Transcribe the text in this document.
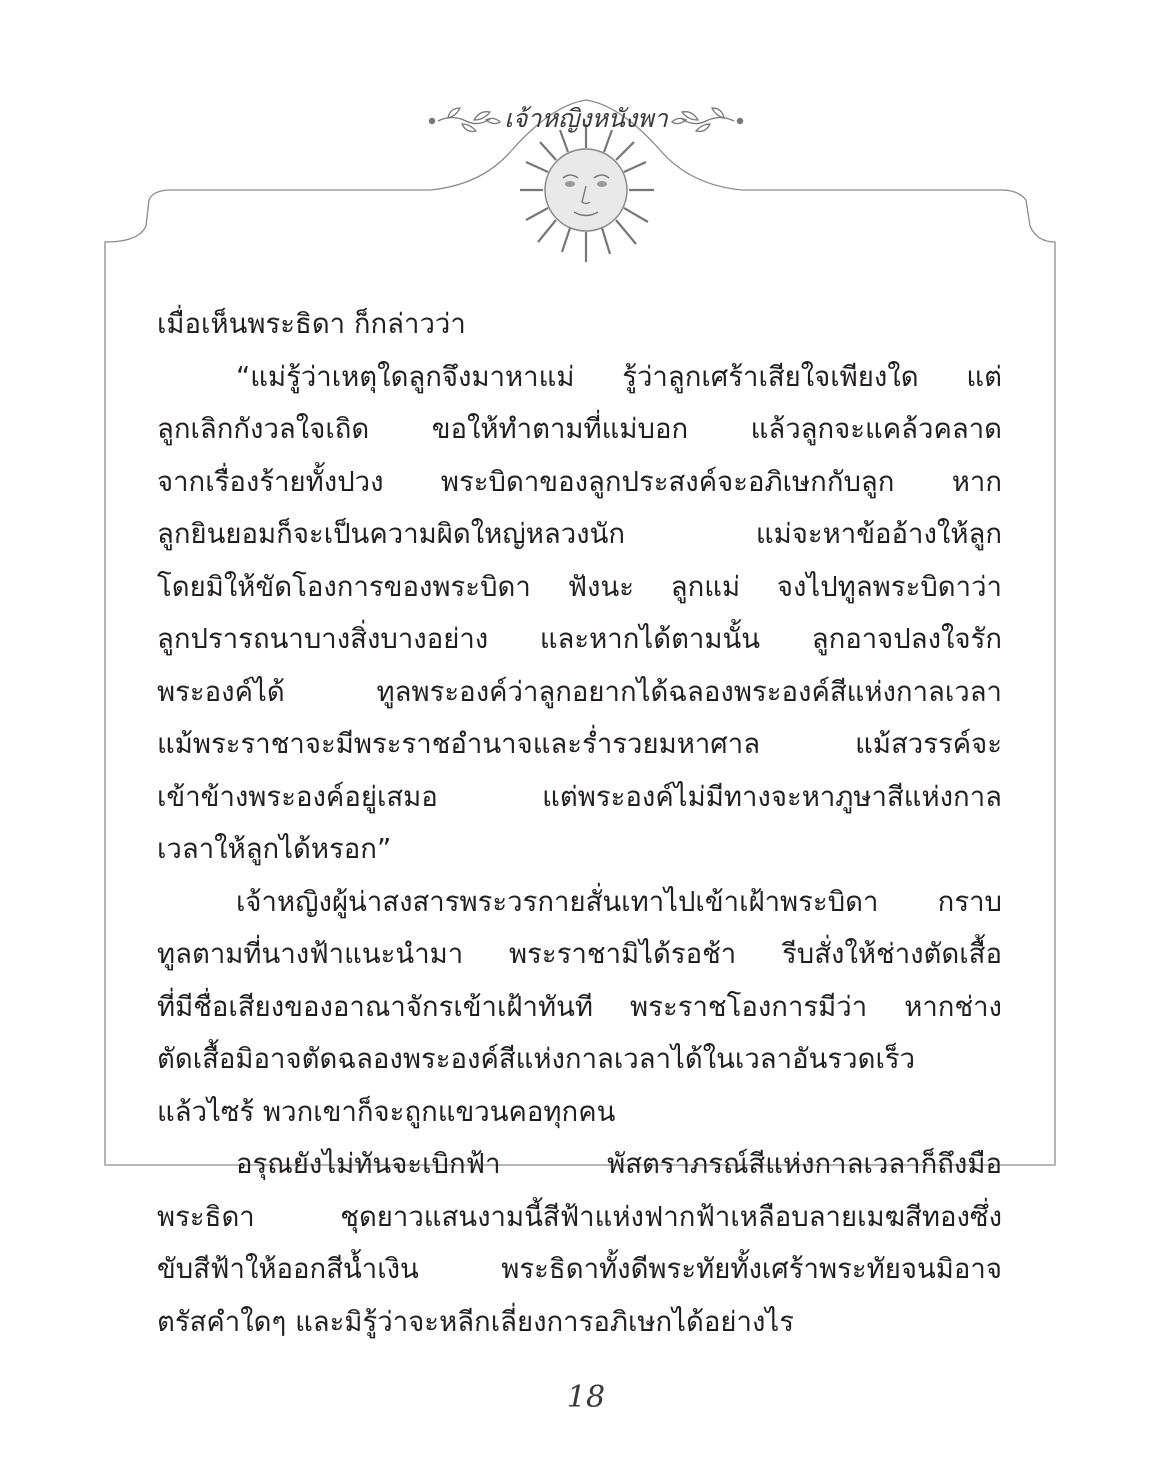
เจ้าหญิงหนังพา
เมื่อเห็นพระธิดา
ก็กล่าวว่า

“แม่รู้ว่าเหตุใดลูกจึงมาหาแม่ รู้ว่าลูกเศร้าเสียใจเพียงใด แต่
ลูกเลิกกังวลใจเถิด ขอให้ทำตามที่แม่บอก แล้วลูกจะแคล้วคลาด
จากเรื่องร้ายทั้งปวง พระบิดาของลูกประสงค์จะอภิเษกกับลูก หาก
ลูกยินยอมก็จะเป็นความผิดใหญ่หลวงนัก	แม่จะหาข้ออ้างให้ลูก
โดยมิให้ขัดโองการของพระบิดา ฟังนะ ลูกแม่ จงไปทูลพระบิดาว่า
ลูกปรารถนาบางสิ่งบางอย่าง และหากได้ตามนั้น ลูกอาจปลงใจรัก
พระองค์ได้	ทูลพระองค์ว่าลูกอยากได้ฉลองพระองค์สีแห่งกาลเวลา
แม้พระราชาจะมีพระราชอำนาจและร่ำรวยมหาศาล	แม้สวรรค์จะ
เข้าข้างพระองค์อยู่เสมอ	แต่พระองค์ไม่มีทางจะหาภูษาสีแห่งกาล
เวลาให้ลูกได้หรอก”

เจ้าหญิงผู้น่าสงสารพระวรกายสั่นเทาไปเข้าเฝ้าพระบิดา กราบ
ทูลตามที่นางฟ้าแนะนำมา พระราชามิได้รอช้า รีบสั่งให้ช่างตัดเสื้อ
ที่มีชื่อเสียงของอาณาจักรเข้าเฝ้าทันที พระราชโองการมีว่า หากช่าง
ตัดเสื้อมิอาจตัดฉลองพระองค์สีแห่งกาลเวลาได้ในเวลาอันรวดเร็ว
แล้วไซร้
พวกเขาก็จะถูกแขวนคอทุกคน

อรุณยังไม่ทันจะเบิกฟ้า	พัสตราภรณ์สีแห่งกาลเวลาก็ถึงมือ
พระธิดา	ชุดยาวแสนงามนี้สีฟ้าแห่งฟากฟ้าเหลือบลายเมฆสีทองซึ่ง
ขับสีฟ้าให้ออกสีน้ำเงิน	พระธิดาทั้งดีพระทัยทั้งเศร้าพระทัยจนมิอาจ
ตรัสคำใดๆ
และมิรู้ว่าจะหลีกเลี่ยงการอภิเษกได้อย่างไร

18
